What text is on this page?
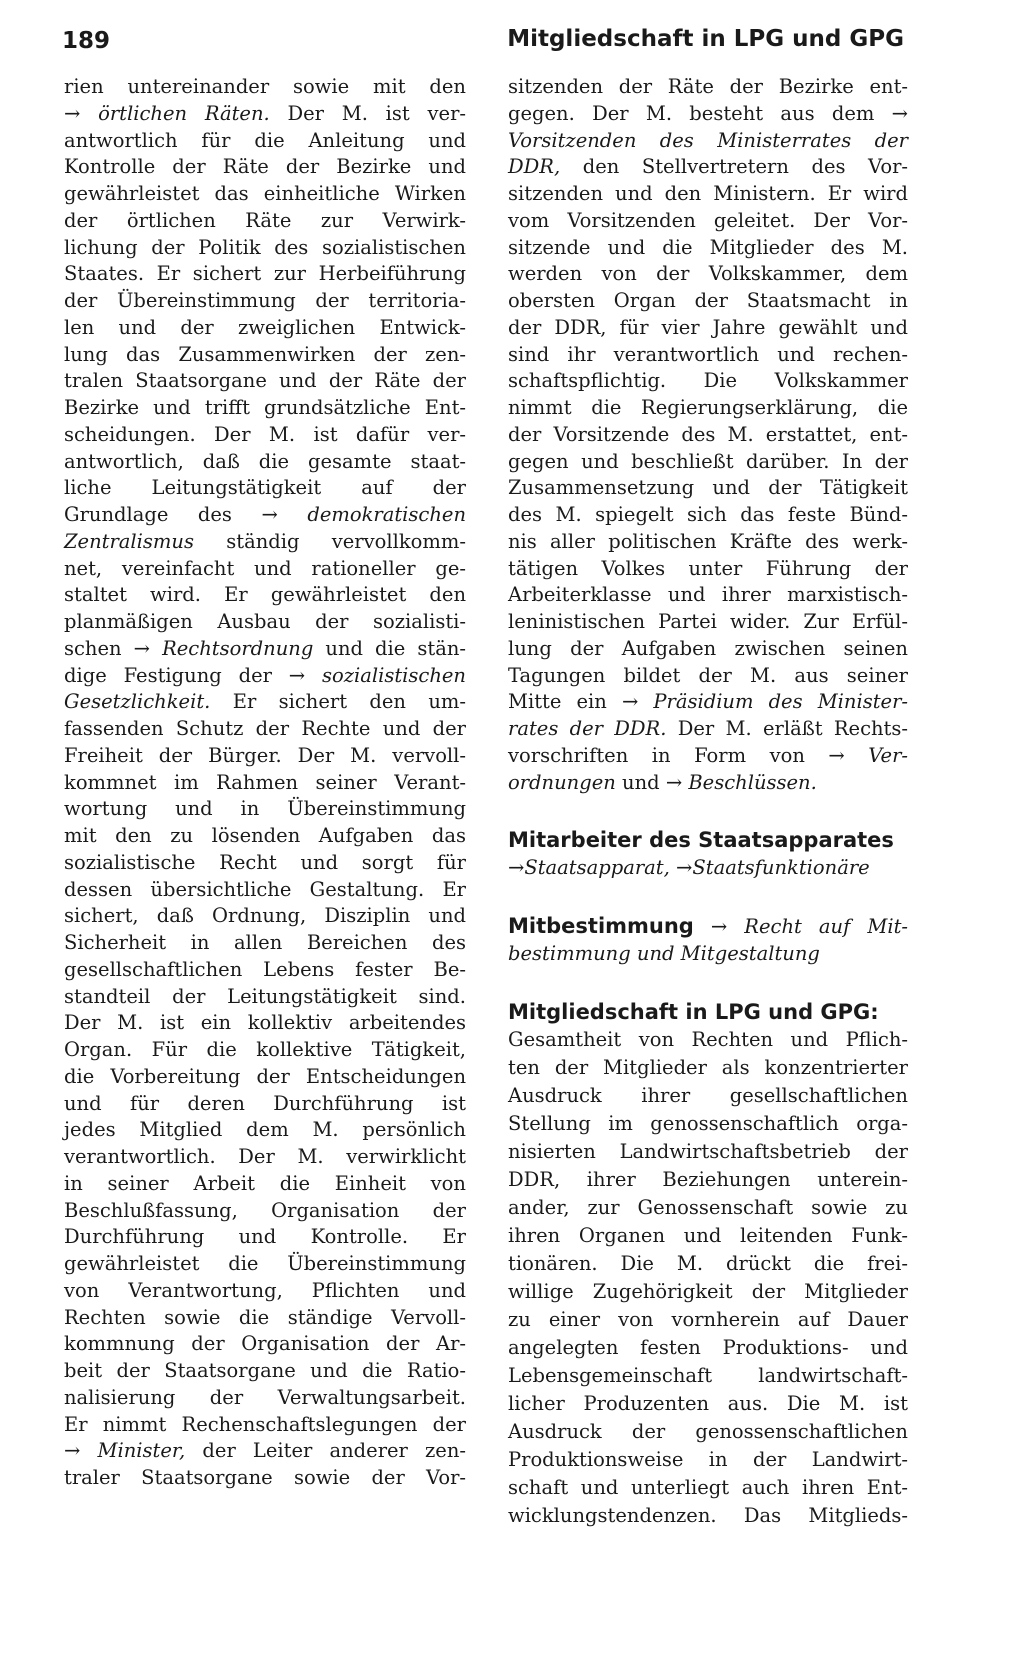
189	Mitgliedschaft in LPG und GPG
rien untereinander sowie mit den
→ örtlichen Räten. Der M. ist ver-
antwortlich für die Anleitung und
Kontrolle der Räte der Bezirke und
gewährleistet das einheitliche Wirken
der örtlichen Räte zur Verwirk-
lichung der Politik des sozialistischen
Staates. Er sichert zur Herbeiführung
der Übereinstimmung der territoria-
len und der zweiglichen Entwick-
lung das Zusammenwirken der zen-
tralen Staatsorgane und der Räte der
Bezirke und trifft grundsätzliche Ent-
scheidungen. Der M. ist dafür ver-
antwortlich, daß die gesamte staat-
liche Leitungstätigkeit auf der
Grundlage des → demokratischen
Zentralismus ständig vervollkomm-
net, vereinfacht und rationeller ge-
staltet wird. Er gewährleistet den
planmäßigen Ausbau der sozialisti-
schen → Rechtsordnung und die stän-
dige Festigung der → sozialistischen
Gesetzlichkeit. Er sichert den um-
fassenden Schutz der Rechte und der
Freiheit der Bürger. Der M. vervoll-
kommnet im Rahmen seiner Verant-
wortung und in Übereinstimmung
mit den zu lösenden Aufgaben das
sozialistische Recht und sorgt für
dessen übersichtliche Gestaltung. Er
sichert, daß Ordnung, Disziplin und
Sicherheit in allen Bereichen des
gesellschaftlichen Lebens fester Be-
standteil der Leitungstätigkeit sind.
Der M. ist ein kollektiv arbeitendes
Organ. Für die kollektive Tätigkeit,
die Vorbereitung der Entscheidungen
und für deren Durchführung ist
jedes Mitglied dem M. persönlich
verantwortlich. Der M. verwirklicht
in seiner Arbeit die Einheit von
Beschlußfassung, Organisation der
Durchführung und Kontrolle. Er
gewährleistet die Übereinstimmung
von Verantwortung, Pflichten und
Rechten sowie die ständige Vervoll-
kommnung der Organisation der Ar-
beit der Staatsorgane und die Ratio-
nalisierung der Verwaltungsarbeit.
Er nimmt Rechenschaftslegungen der
→ Minister, der Leiter anderer zen-
traler Staatsorgane sowie der Vor-
sitzenden der Räte der Bezirke ent-
gegen. Der M. besteht aus dem →
Vorsitzenden des Ministerrates der
DDR, den Stellvertretern des Vor-
sitzenden und den Ministern. Er wird
vom Vorsitzenden geleitet. Der Vor-
sitzende und die Mitglieder des M.
werden von der Volkskammer, dem
obersten Organ der Staatsmacht in
der DDR, für vier Jahre gewählt und
sind ihr verantwortlich und rechen-
schaftspflichtig. Die Volkskammer
nimmt die Regierungserklärung, die
der Vorsitzende des M. erstattet, ent-
gegen und beschließt darüber. In der
Zusammensetzung und der Tätigkeit
des M. spiegelt sich das feste Bünd-
nis aller politischen Kräfte des werk-
tätigen Volkes unter Führung der
Arbeiterklasse und ihrer marxistisch-
leninistischen Partei wider. Zur Erfül-
lung der Aufgaben zwischen seinen
Tagungen bildet der M. aus seiner
Mitte ein → Präsidium des Minister-
rates der DDR. Der M. erläßt Rechts-
vorschriften in Form von → Ver-
ordnungen und → Beschlüssen.
Mitarbeiter des Staatsapparates
→Staatsapparat, →Staatsfunktionäre
Mitbestimmung → Recht auf Mit-
bestimmung und Mitgestaltung
Mitgliedschaft in LPG und GPG:
Gesamtheit von Rechten und Pflich-
ten der Mitglieder als konzentrierter
Ausdruck ihrer gesellschaftlichen
Stellung im genossenschaftlich orga-
nisierten Landwirtschaftsbetrieb der
DDR, ihrer Beziehungen unterein-
ander, zur Genossenschaft sowie zu
ihren Organen und leitenden Funk-
tionären. Die M. drückt die frei-
willige Zugehörigkeit der Mitglieder
zu einer von vornherein auf Dauer
angelegten festen Produktions- und
Lebensgemeinschaft landwirtschaft-
licher Produzenten aus. Die M. ist
Ausdruck der genossenschaftlichen
Produktionsweise in der Landwirt-
schaft und unterliegt auch ihren Ent-
wicklungstendenzen. Das Mitglieds-
